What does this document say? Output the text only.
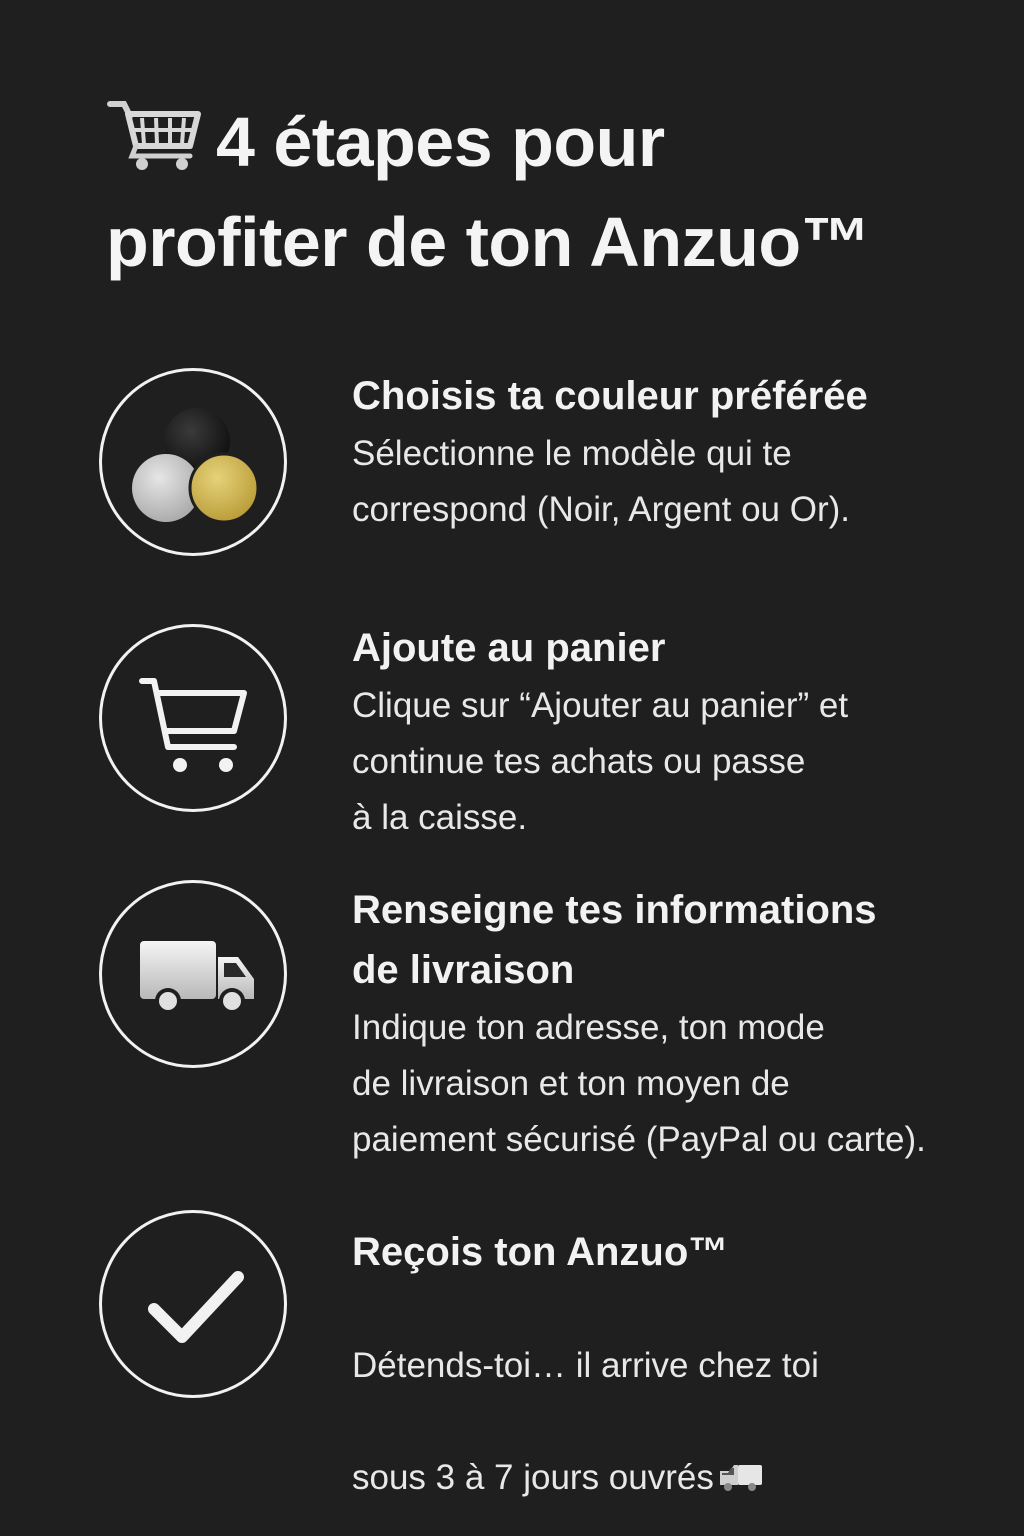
4 étapes pour
profiter de ton Anzuo™

Choisis ta couleur préférée

Sélectionne le modèle qui te
correspond (Noir, Argent ou Or).

Ajoute au panier

Clique sur “Ajouter au panier” et
continue tes achats ou passe
à la caisse.

Renseigne tes informations
de livraison

Indique ton adresse, ton mode
de livraison et ton moyen de
paiement sécurisé (PayPal ou carte).

Reçois ton Anzuo™

Détends-toi… il arrive chez toi

sous 3 à 7 jours ouvrés
